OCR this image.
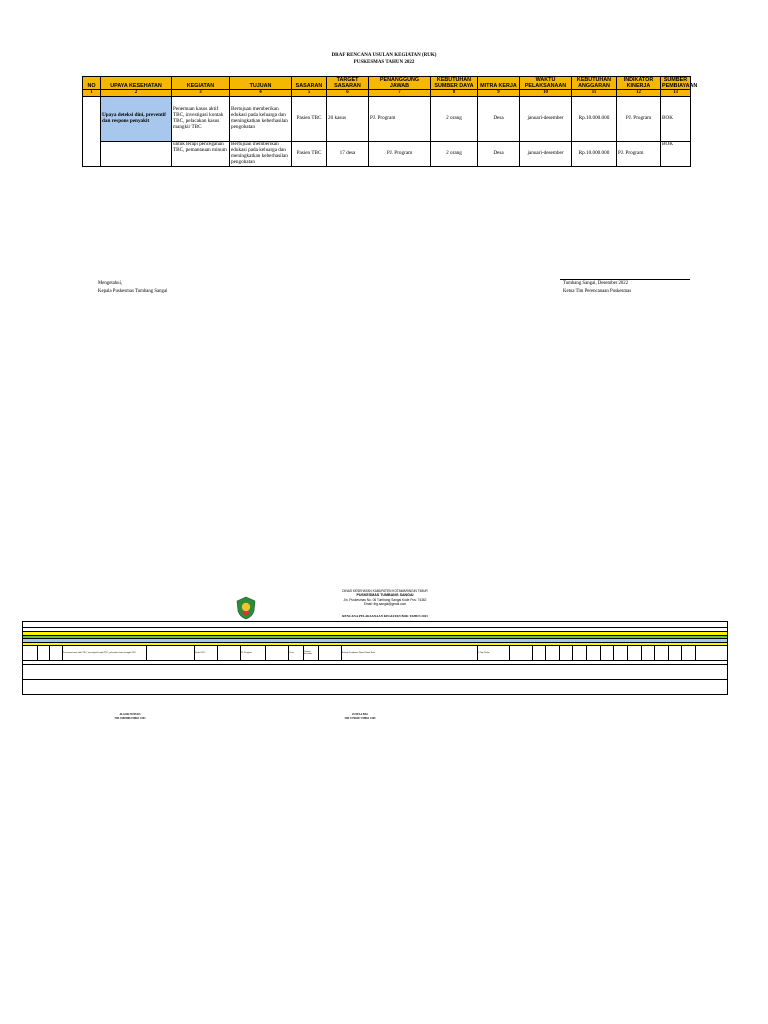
DRAF RENCANA USULAN KEGIATAN (RUK)
PUSKESMAS TAHUN 2022
NO	UPAYA KESEHATAN	KEGIATAN	TUJUAN	SASARAN	TARGET SASARAN	PENANGGUNG JAWAB	KEBUTUHAN SUMBER DAYA	MITRA KERJA	WAKTU PELAKSANAAN	KEBUTUHAN ANGGARAN	INDIKATOR KINERJA	SUMBER PEMBIAYAAN
1	2	3	4	5	6	7	8	9	10	11	12	13
	Upaya deteksi dini, preventif dan respons penyakit	Penemuan kasus aktif TBC, investigasi kontak TBC, pelacakan kasus mangkir TBC	Bertujuan memberikan edukasi pada keluarga dan meningkatkan keberhasilan pengobatan	Pasien TBC	20 kasus	PJ. Program	2 orang	Desa	januari-desember	Rp.10.000.000	PJ. Program	BOK
		untuk terapi pencegahan TBC, pemantauan minum	Bertujuan memberikan edukasi pada keluarga dan meningkatkan keberhasilan pengobatan	Pasien TBC	17 desa	PJ. Program	2 orang	Desa	januari-desember	Rp.10.000.000	PJ. Program	BOK
Mengetahui,
Kepala Puskesmas Tumbang Sangai
Tumbang Sangai, Desember 2022
Ketua Tim Perencanaan Puskesmas
DINAS KESEHATAN KABUPATEN KOTAWARINGIN TIMUR
PUSKESMAS TUMBANG SANGAI
Jln. Puskesmas No. 06 Tumbang Sangai Kode Pos: 74362
Email: tbg.sangai@gmail.com
RENCANA PELAKSANAAN KEGIATAN BOK TAHUN 2023

			Penemuan kasus aktif TBC, investigasi kontak TBC, pelacakan kasus mangkir TBC		Pasien TBC		PJ. Program		Desa	Januari-desember		Belanja Perjalanan Dinas Dalam Kota	3 Org/ Bulan														

ALGOR NUNUKS
NIP. 19810808 199803 1 003
JUNELA BAS
NIP. 19760427 199803 1 009
